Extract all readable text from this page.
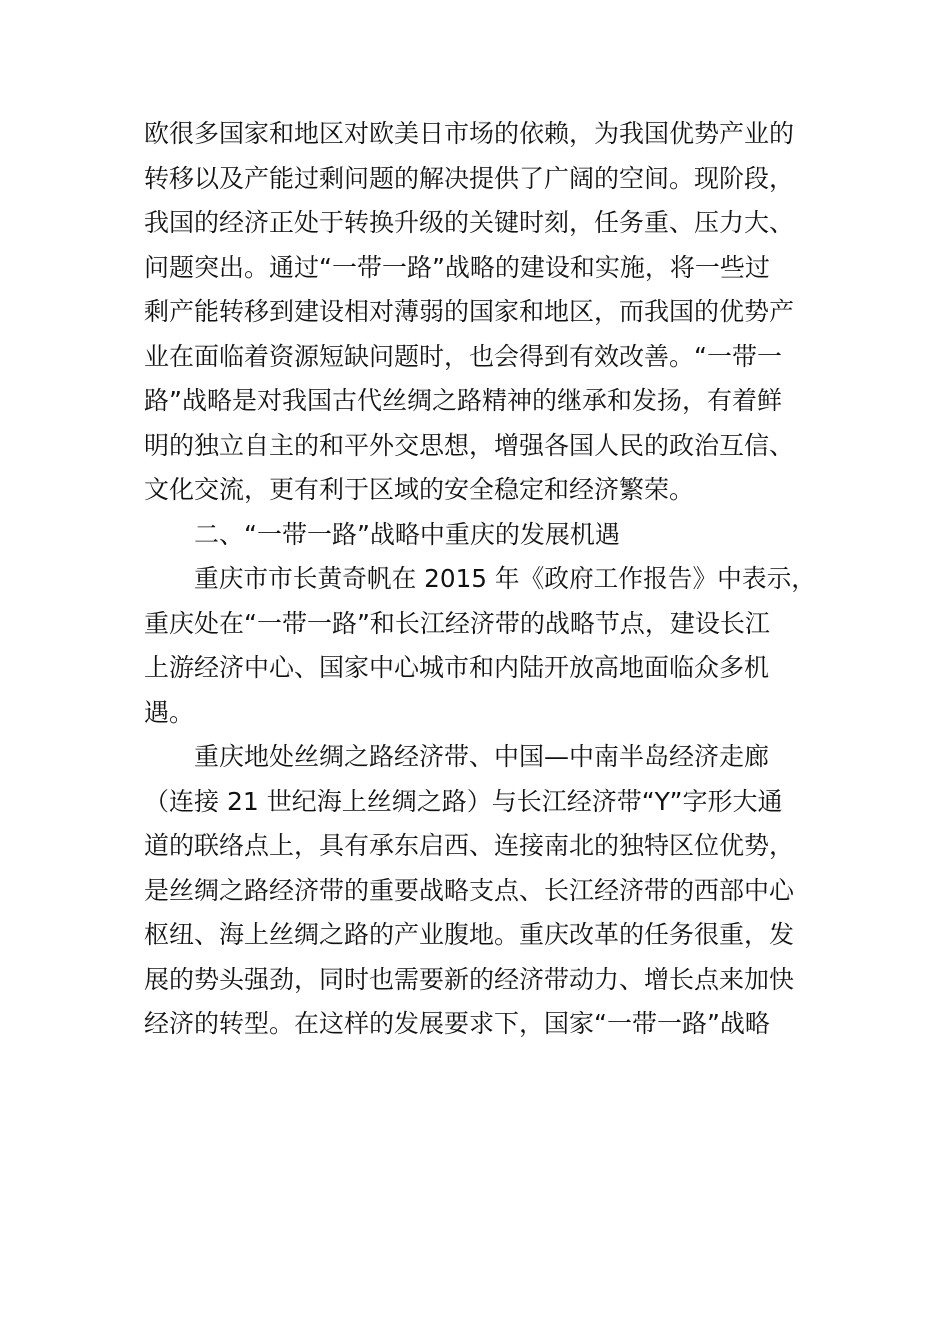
欧很多国家和地区对欧美日市场的依赖，为我国优势产业的
转移以及产能过剩问题的解决提供了广阔的空间。现阶段，
我国的经济正处于转换升级的关键时刻，任务重、压力大、
问题突出。通过“一带一路”战略的建设和实施，将一些过
剩产能转移到建设相对薄弱的国家和地区，而我国的优势产
业在面临着资源短缺问题时，也会得到有效改善。“一带一
路”战略是对我国古代丝绸之路精神的继承和发扬，有着鲜
明的独立自主的和平外交思想，增强各国人民的政治互信、
文化交流，更有利于区域的安全稳定和经济繁荣。
二、“一带一路”战略中重庆的发展机遇
重庆市市长黄奇帆在 2015 年《政府工作报告》中表示，
重庆处在“一带一路”和长江经济带的战略节点，建设长江
上游经济中心、国家中心城市和内陆开放高地面临众多机
遇。
重庆地处丝绸之路经济带、中国—中南半岛经济走廊
（连接 21 世纪海上丝绸之路）与长江经济带“Y”字形大通
道的联络点上，具有承东启西、连接南北的独特区位优势，
是丝绸之路经济带的重要战略支点、长江经济带的西部中心
枢纽、海上丝绸之路的产业腹地。重庆改革的任务很重，发
展的势头强劲，同时也需要新的经济带动力、增长点来加快
经济的转型。在这样的发展要求下，国家“一带一路”战略
